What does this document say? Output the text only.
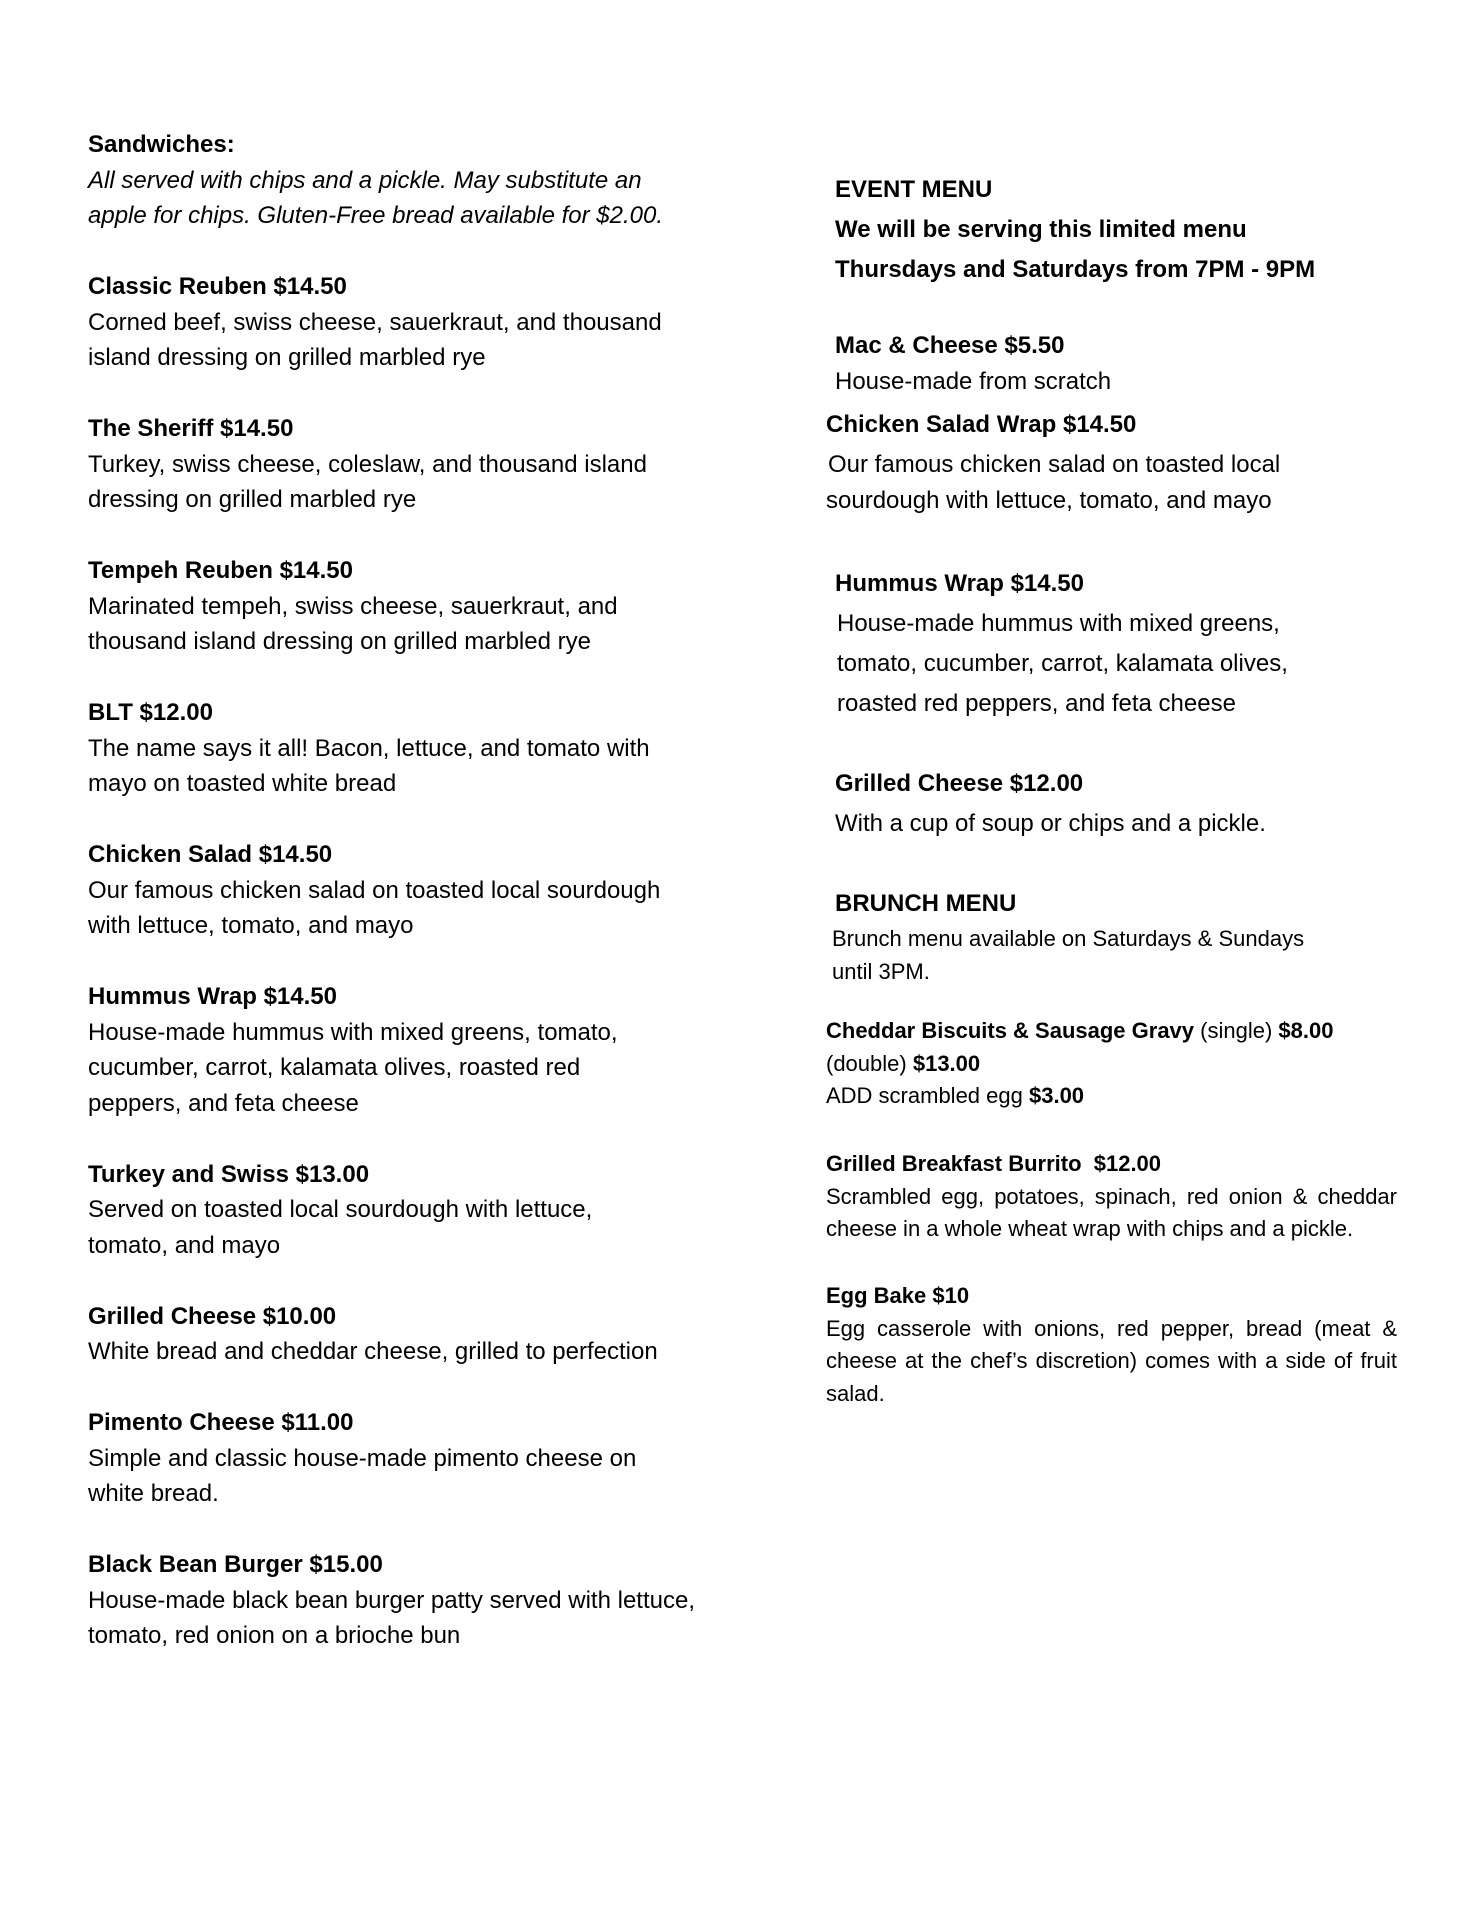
Sandwiches:
All served with chips and a pickle. May substitute an
apple for chips. Gluten-Free bread available for $2.00.
Classic Reuben $14.50
Corned beef, swiss cheese, sauerkraut, and thousand
island dressing on grilled marbled rye
The Sheriff $14.50
Turkey, swiss cheese, coleslaw, and thousand island
dressing on grilled marbled rye
Tempeh Reuben $14.50
Marinated tempeh, swiss cheese, sauerkraut, and
thousand island dressing on grilled marbled rye
BLT $12.00
The name says it all! Bacon, lettuce, and tomato with
mayo on toasted white bread
Chicken Salad $14.50
Our famous chicken salad on toasted local sourdough
with lettuce, tomato, and mayo
Hummus Wrap $14.50
House-made hummus with mixed greens, tomato,
cucumber, carrot, kalamata olives, roasted red
peppers, and feta cheese
Turkey and Swiss $13.00
Served on toasted local sourdough with lettuce,
tomato, and mayo
Grilled Cheese $10.00
White bread and cheddar cheese, grilled to perfection
Pimento Cheese $11.00
Simple and classic house-made pimento cheese on
white bread.
Black Bean Burger $15.00
House-made black bean burger patty served with lettuce,
tomato, red onion on a brioche bun
EVENT MENU
We will be serving this limited menu
Thursdays and Saturdays from 7PM - 9PM
Mac & Cheese $5.50
House-made from scratch
Chicken Salad Wrap $14.50
Our famous chicken salad on toasted local
sourdough with lettuce, tomato, and mayo
Hummus Wrap $14.50
House-made hummus with mixed greens,
tomato, cucumber, carrot, kalamata olives,
roasted red peppers, and feta cheese
Grilled Cheese $12.00
With a cup of soup or chips and a pickle.
BRUNCH MENU
Brunch menu available on Saturdays & Sundays
until 3PM.
Cheddar Biscuits & Sausage Gravy (single) $8.00
(double) $13.00
ADD scrambled egg $3.00
Grilled Breakfast Burrito  $12.00
Scrambled egg, potatoes, spinach, red onion & cheddar cheese in a whole wheat wrap with chips and a pickle.
Egg Bake $10
Egg casserole with onions, red pepper, bread (meat & cheese at the chef’s discretion) comes with a side of fruit salad.
